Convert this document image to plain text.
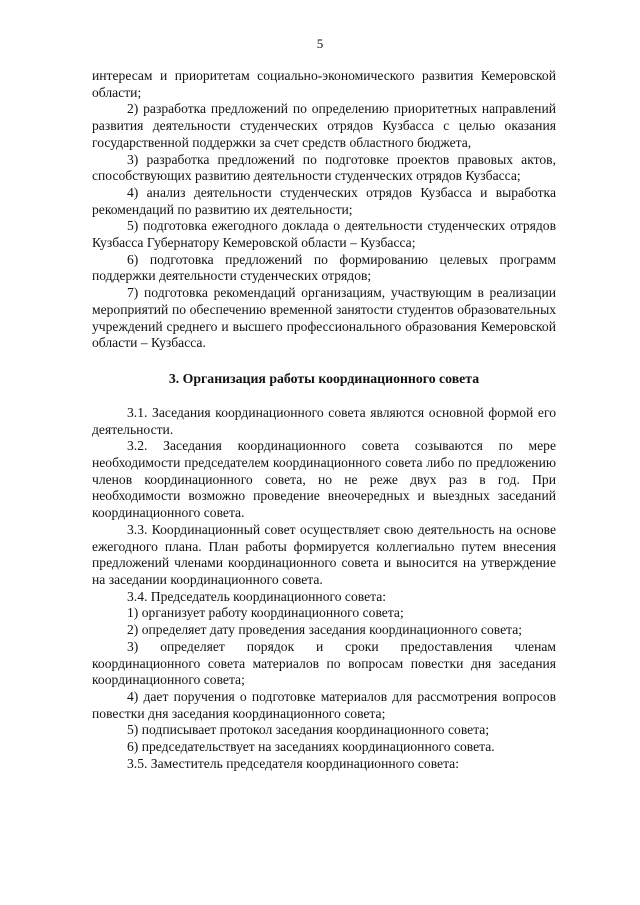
5

интересам и приоритетам социально-экономического развития Кемеровской области;

2) разработка предложений по определению приоритетных направлений развития деятельности студенческих отрядов Кузбасса с целью оказания государственной поддержки за счет средств областного бюджета,

3) разработка предложений по подготовке проектов правовых актов, способствующих развитию деятельности студенческих отрядов Кузбасса;

4) анализ деятельности студенческих отрядов Кузбасса и выработка рекомендаций по развитию их деятельности;

5) подготовка ежегодного доклада о деятельности студенческих отрядов Кузбасса Губернатору Кемеровской области – Кузбасса;

6) подготовка предложений по формированию целевых программ поддержки деятельности студенческих отрядов;

7) подготовка рекомендаций организациям, участвующим в реализации мероприятий по обеспечению временной занятости студентов образовательных учреждений среднего и высшего профессионального образования Кемеровской области – Кузбасса.

3. Организация работы координационного совета

3.1. Заседания координационного совета являются основной формой его деятельности.

3.2. Заседания координационного совета созываются по мере необходимости председателем координационного совета либо по предложению членов координационного совета, но не реже двух раз в год. При необходимости возможно проведение внеочередных и выездных заседаний координационного совета.

3.3. Координационный совет осуществляет свою деятельность на основе ежегодного плана. План работы формируется коллегиально путем внесения предложений членами координационного совета и выносится на утверждение на заседании координационного совета.

3.4. Председатель координационного совета:

1) организует работу координационного совета;

2) определяет дату проведения заседания координационного совета;

3) определяет порядок и сроки предоставления членам координационного совета материалов по вопросам повестки дня заседания координационного совета;

4) дает поручения о подготовке материалов для рассмотрения вопросов повестки дня заседания координационного совета;

5) подписывает протокол заседания координационного совета;

6) председательствует на заседаниях координационного совета.

3.5. Заместитель председателя координационного совета:
